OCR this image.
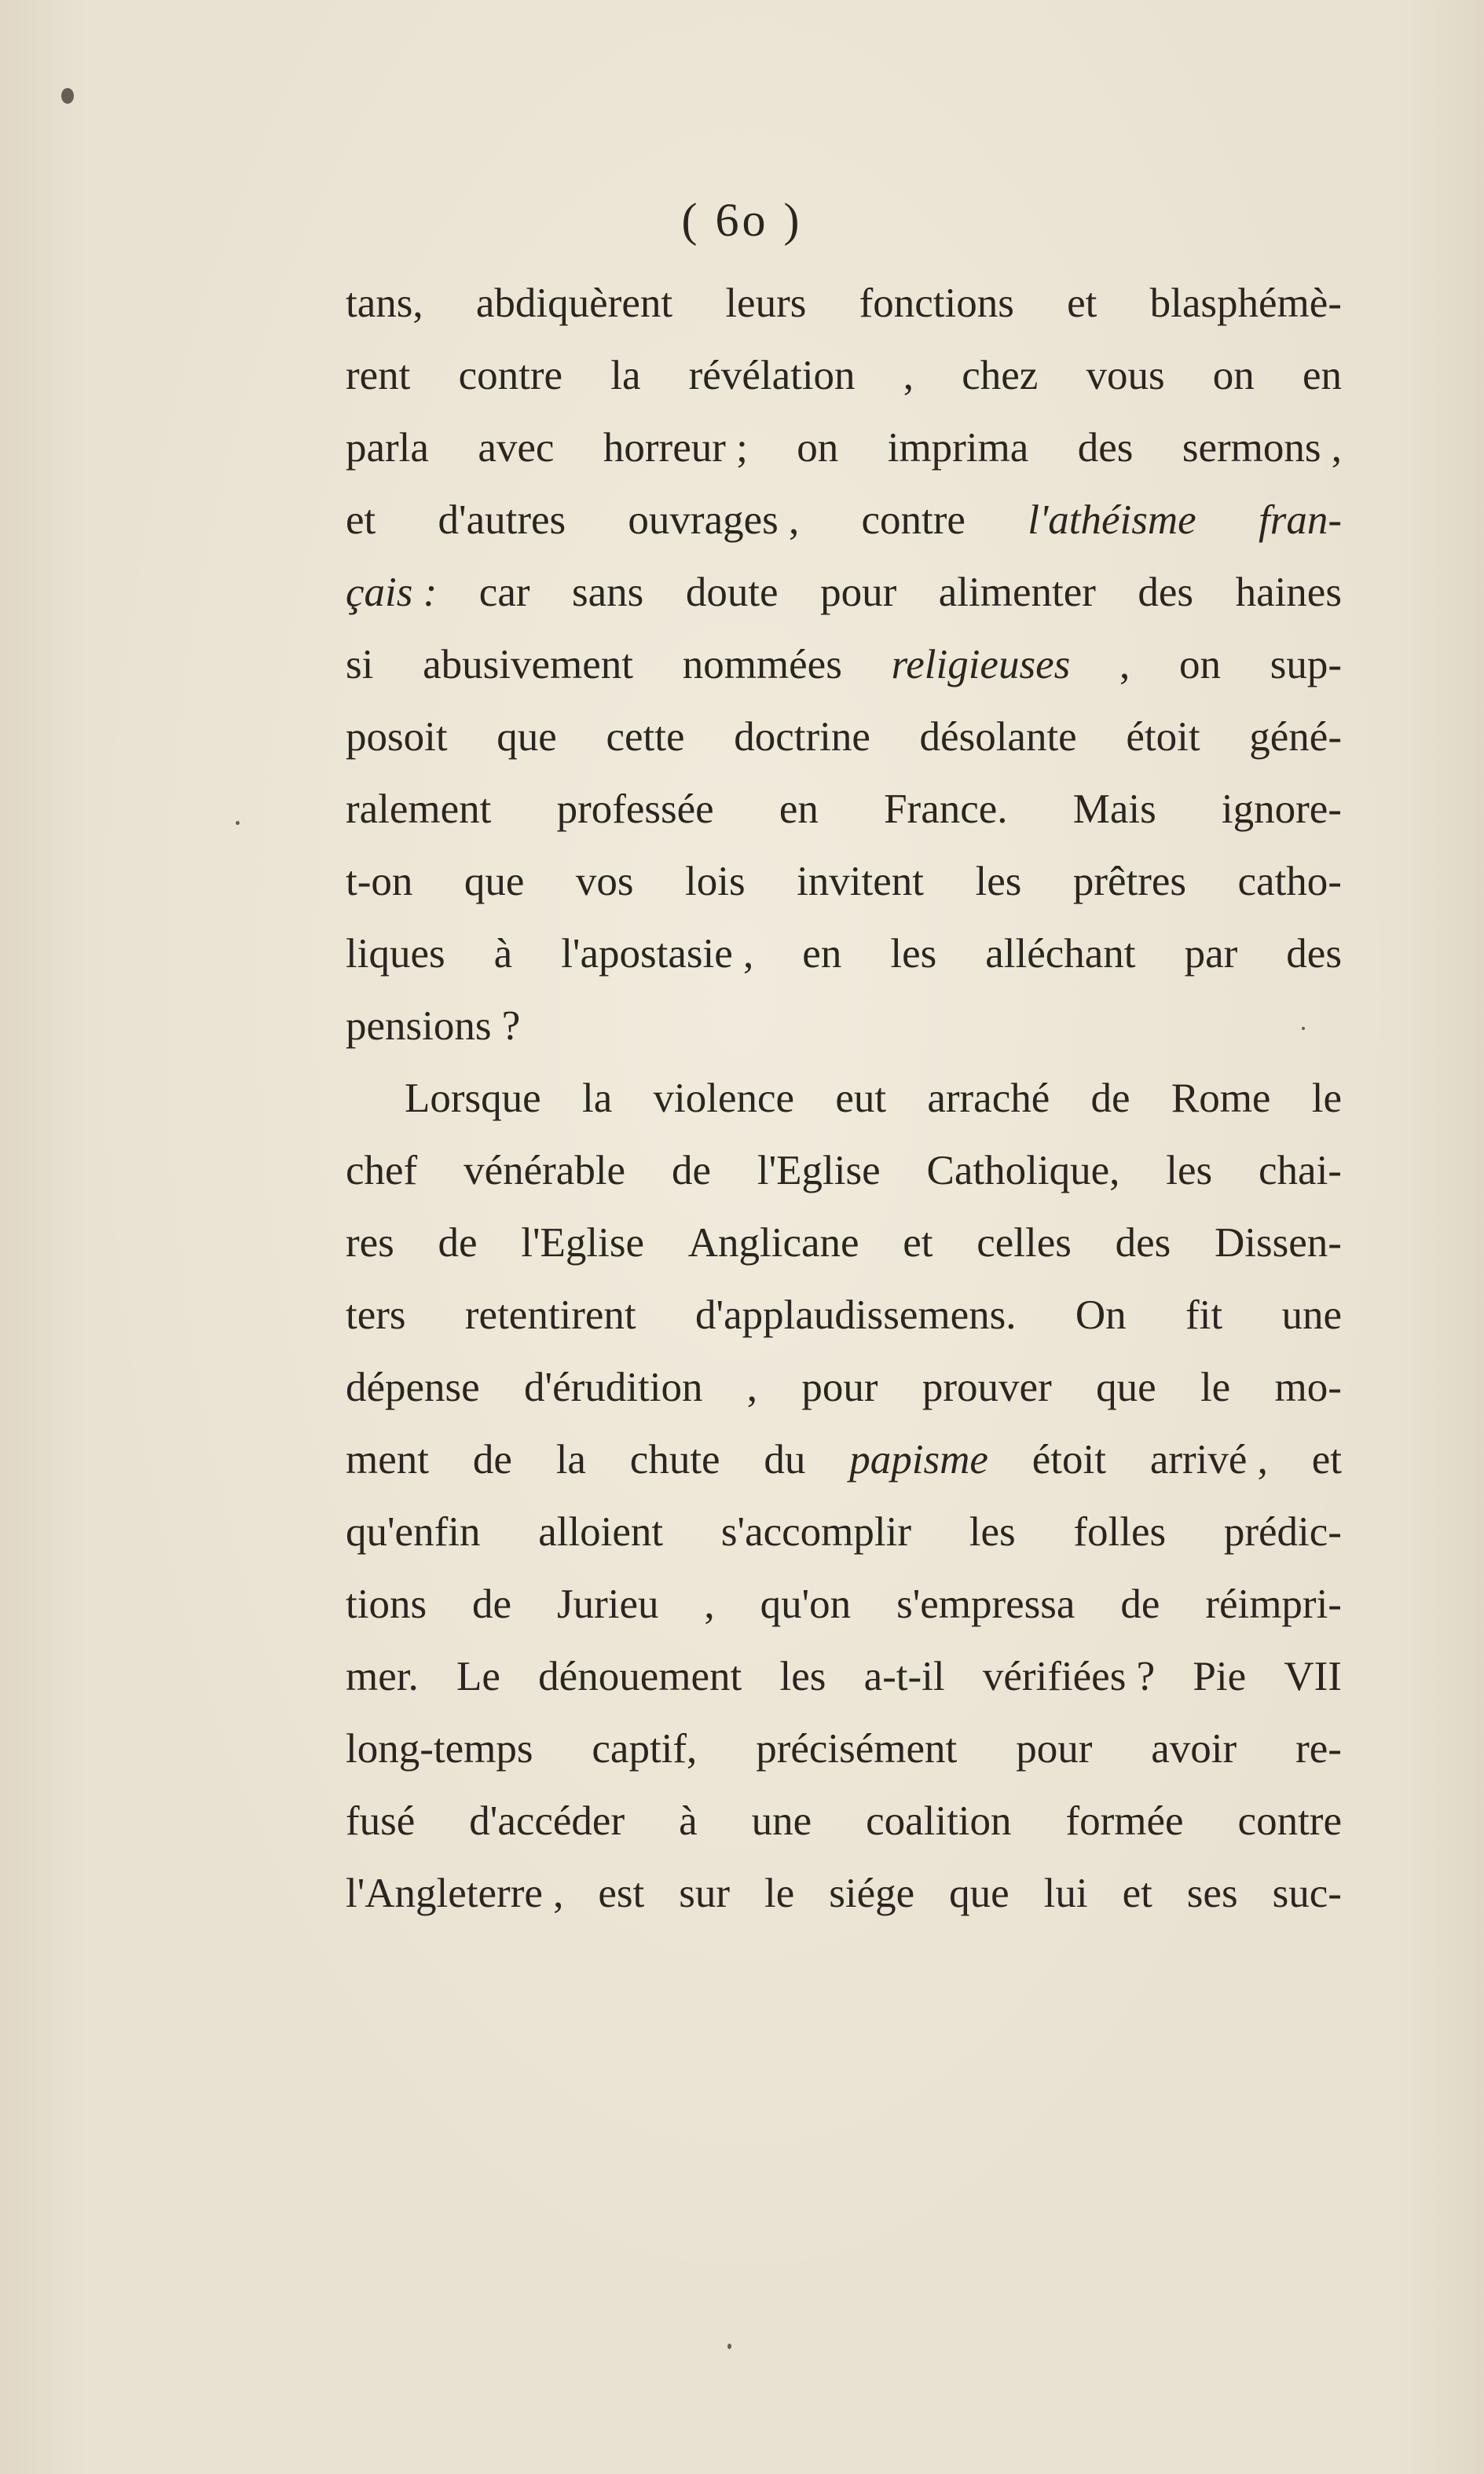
( 6o )
tans, abdiquèrent leurs fonctions et blasphémè-
rent contre la révélation , chez vous on en
parla avec horreur ; on imprima des sermons ,
et d'autres ouvrages , contre l'athéisme fran-
çais : car sans doute pour alimenter des haines
si abusivement nommées religieuses , on sup-
posoit que cette doctrine désolante étoit géné-
ralement professée en France. Mais ignore-
t-on que vos lois invitent les prêtres catho-
liques à l'apostasie , en les alléchant par des
pensions ?
Lorsque la violence eut arraché de Rome le
chef vénérable de l'Eglise Catholique, les chai-
res de l'Eglise Anglicane et celles des Dissen-
ters retentirent d'applaudissemens. On fit une
dépense d'érudition , pour prouver que le mo-
ment de la chute du papisme étoit arrivé , et
qu'enfin alloient s'accomplir les folles prédic-
tions de Jurieu , qu'on s'empressa de réimpri-
mer. Le dénouement les a-t-il vérifiées ? Pie VII
long-temps captif, précisément pour avoir re-
fusé d'accéder à une coalition formée contre
l'Angleterre , est sur le siége que lui et ses suc-
